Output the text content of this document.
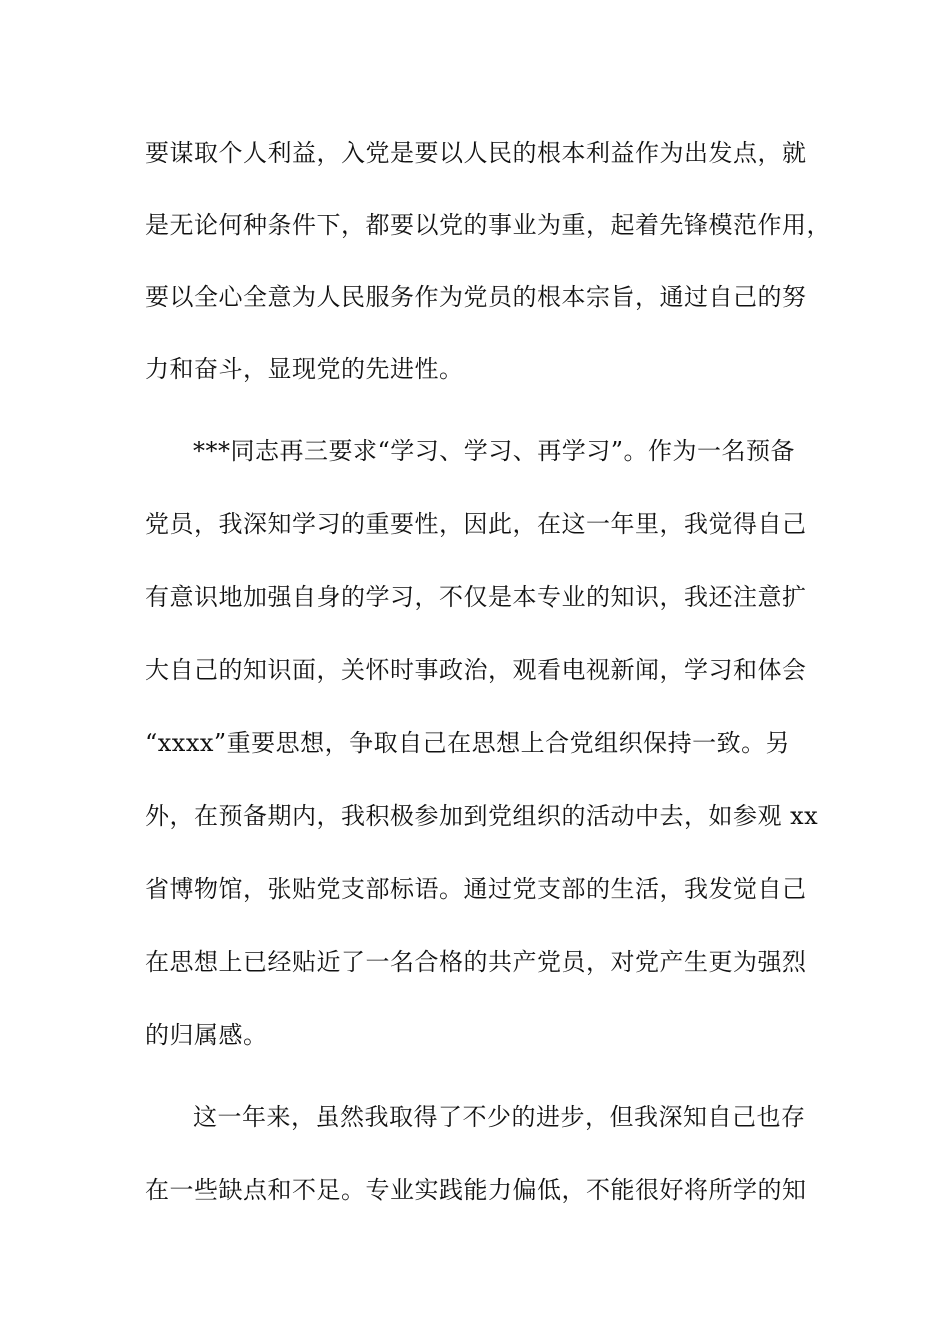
要谋取个人利益，入党是要以人民的根本利益作为出发点，就
是无论何种条件下，都要以党的事业为重，起着先锋模范作用，
要以全心全意为人民服务作为党员的根本宗旨，通过自己的努
力和奋斗，显现党的先进性。
***同志再三要求“学习、学习、再学习”。作为一名预备
党员，我深知学习的重要性，因此，在这一年里，我觉得自己
有意识地加强自身的学习，不仅是本专业的知识，我还注意扩
大自己的知识面，关怀时事政治，观看电视新闻，学习和体会
“xxxx”重要思想，争取自己在思想上合党组织保持一致。另
外，在预备期内，我积极参加到党组织的活动中去，如参观 xx
省博物馆，张贴党支部标语。通过党支部的生活，我发觉自己
在思想上已经贴近了一名合格的共产党员，对党产生更为强烈
的归属感。
这一年来，虽然我取得了不少的进步，但我深知自己也存
在一些缺点和不足。专业实践能力偏低，不能很好将所学的知
